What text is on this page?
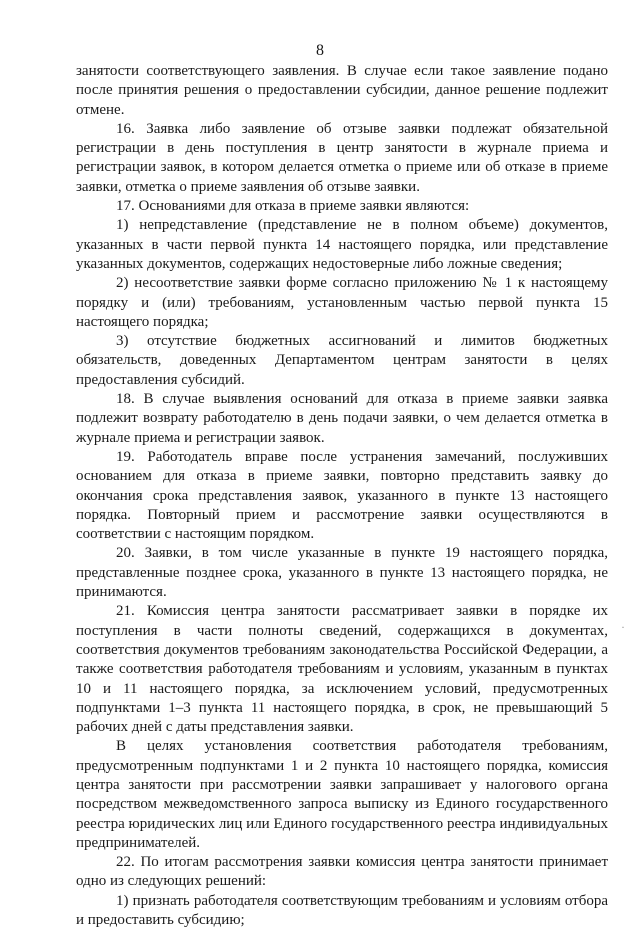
8

занятости соответствующего заявления. В случае если такое заявление подано после принятия решения о предоставлении субсидии, данное решение подлежит отмене.

16. Заявка либо заявление об отзыве заявки подлежат обязательной регистрации в день поступления в центр занятости в журнале приема и регистрации заявок, в котором делается отметка о приеме или об отказе в приеме заявки, отметка о приеме заявления об отзыве заявки.

17. Основаниями для отказа в приеме заявки являются:

1) непредставление (представление не в полном объеме) документов, указанных в части первой пункта 14 настоящего порядка, или представление указанных документов, содержащих недостоверные либо ложные сведения;

2) несоответствие заявки форме согласно приложению № 1 к настоящему порядку и (или) требованиям, установленным частью первой пункта 15 настоящего порядка;

3) отсутствие бюджетных ассигнований и лимитов бюджетных обязательств, доведенных Департаментом центрам занятости в целях предоставления субсидий.

18. В случае выявления оснований для отказа в приеме заявки заявка подлежит возврату работодателю в день подачи заявки, о чем делается отметка в журнале приема и регистрации заявок.

19. Работодатель вправе после устранения замечаний, послуживших основанием для отказа в приеме заявки, повторно представить заявку до окончания срока представления заявок, указанного в пункте 13 настоящего порядка. Повторный прием и рассмотрение заявки осуществляются в соответствии с настоящим порядком.

20. Заявки, в том числе указанные в пункте 19 настоящего порядка, представленные позднее срока, указанного в пункте 13 настоящего порядка, не принимаются.

21. Комиссия центра занятости рассматривает заявки в порядке их поступления в части полноты сведений, содержащихся в документах, соответствия документов требованиям законодательства Российской Федерации, а также соответствия работодателя требованиям и условиям, указанным в пунктах 10 и 11 настоящего порядка, за исключением условий, предусмотренных подпунктами 1–3 пункта 11 настоящего порядка, в срок, не превышающий 5 рабочих дней с даты представления заявки.

В целях установления соответствия работодателя требованиям, предусмотренным подпунктами 1 и 2 пункта 10 настоящего порядка, комиссия центра занятости при рассмотрении заявки запрашивает у налогового органа посредством межведомственного запроса выписку из Единого государственного реестра юридических лиц или Единого государственного реестра индивидуальных предпринимателей.

22. По итогам рассмотрения заявки комиссия центра занятости принимает одно из следующих решений:

1) признать работодателя соответствующим требованиям и условиям отбора и предоставить субсидию;

·
